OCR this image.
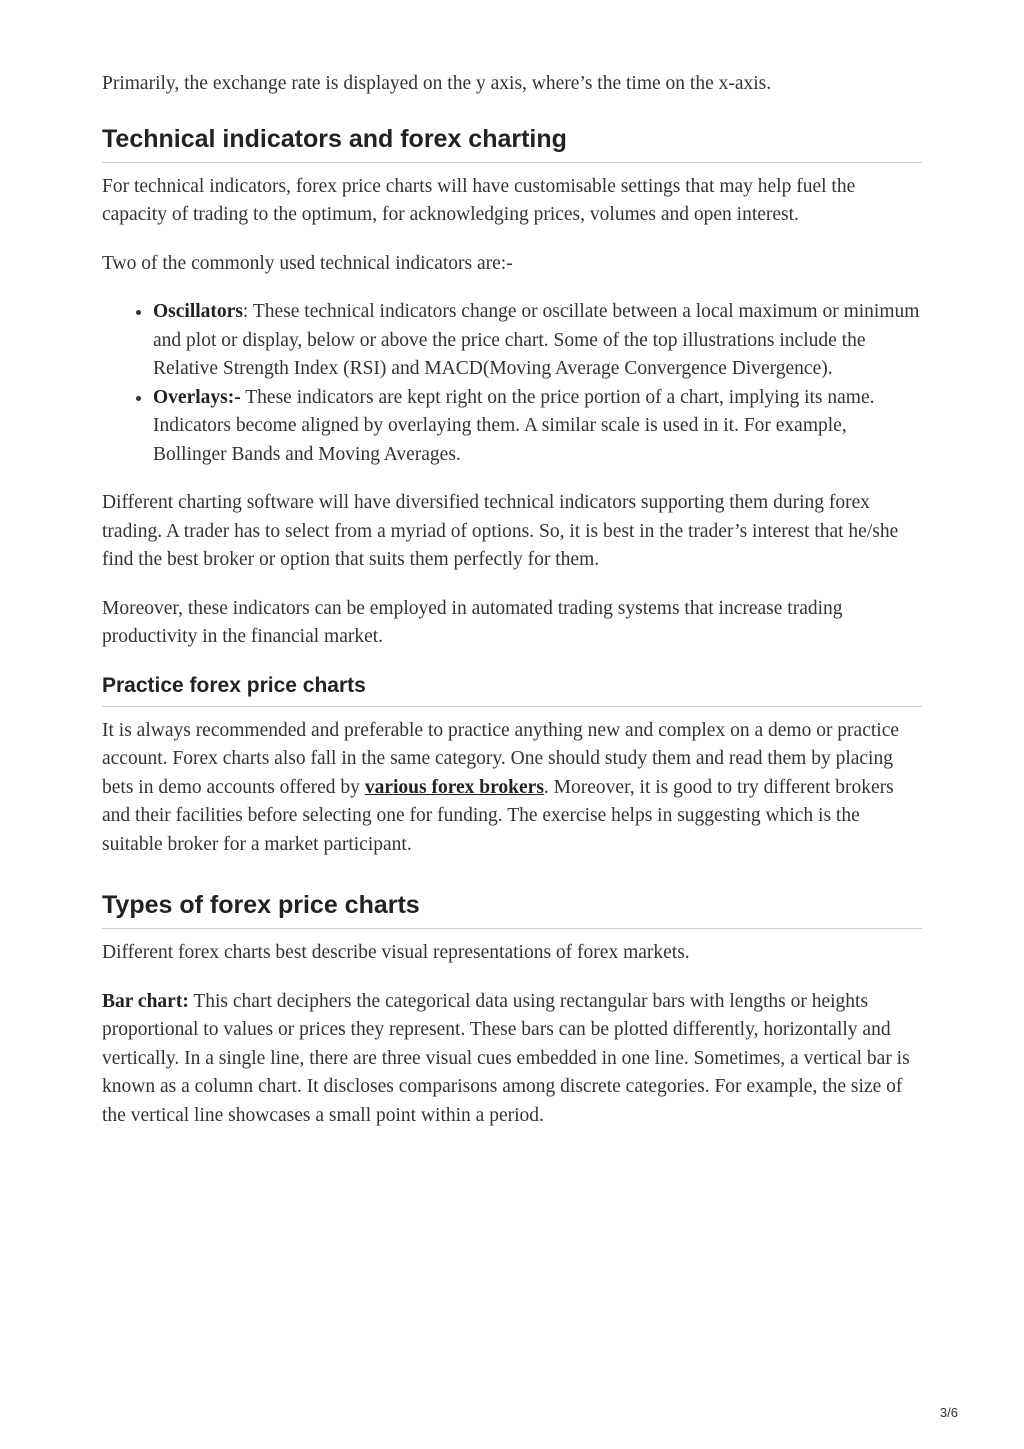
Primarily, the exchange rate is displayed on the y axis, where’s the time on the x-axis.

Technical indicators and forex charting

For technical indicators, forex price charts will have customisable settings that may help fuel the capacity of trading to the optimum, for acknowledging prices, volumes and open interest.

Two of the commonly used technical indicators are:-

• Oscillators: These technical indicators change or oscillate between a local maximum or minimum and plot or display, below or above the price chart. Some of the top illustrations include the Relative Strength Index (RSI) and MACD(Moving Average Convergence Divergence).
• Overlays:- These indicators are kept right on the price portion of a chart, implying its name. Indicators become aligned by overlaying them. A similar scale is used in it. For example, Bollinger Bands and Moving Averages.

Different charting software will have diversified technical indicators supporting them during forex trading. A trader has to select from a myriad of options. So, it is best in the trader’s interest that he/she find the best broker or option that suits them perfectly for them.

Moreover, these indicators can be employed in automated trading systems that increase trading productivity in the financial market.

Practice forex price charts

It is always recommended and preferable to practice anything new and complex on a demo or practice account. Forex charts also fall in the same category. One should study them and read them by placing bets in demo accounts offered by various forex brokers. Moreover, it is good to try different brokers and their facilities before selecting one for funding. The exercise helps in suggesting which is the suitable broker for a market participant.

Types of forex price charts

Different forex charts best describe visual representations of forex markets.

Bar chart: This chart deciphers the categorical data using rectangular bars with lengths or heights proportional to values or prices they represent. These bars can be plotted differently, horizontally and vertically. In a single line, there are three visual cues embedded in one line. Sometimes, a vertical bar is known as a column chart. It discloses comparisons among discrete categories. For example, the size of the vertical line showcases a small point within a period.

3/6
